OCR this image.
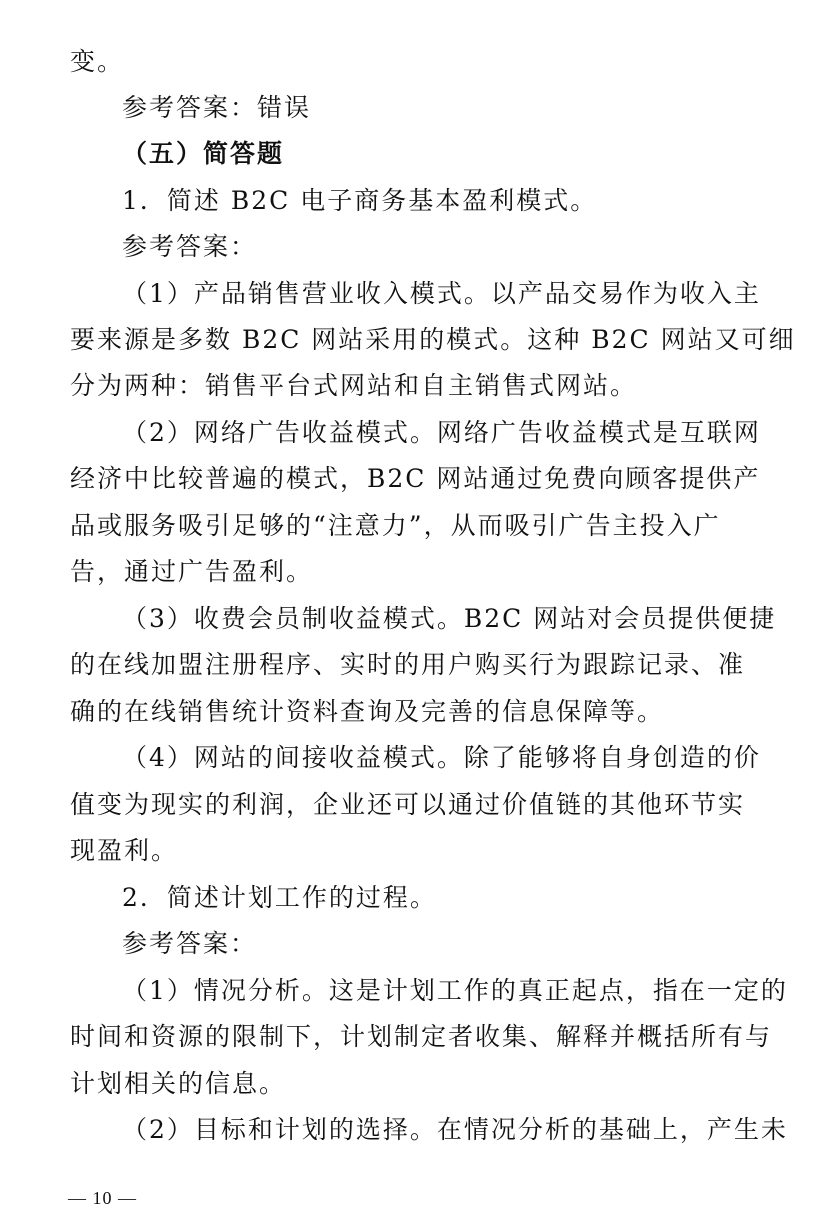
变。
参考答案：错误
（五）简答题
1．简述 B2C 电子商务基本盈利模式。
参考答案：
（1）产品销售营业收入模式。以产品交易作为收入主
要来源是多数 B2C 网站采用的模式。这种 B2C 网站又可细
分为两种：销售平台式网站和自主销售式网站。
（2）网络广告收益模式。网络广告收益模式是互联网
经济中比较普遍的模式，B2C 网站通过免费向顾客提供产
品或服务吸引足够的“注意力”，从而吸引广告主投入广
告，通过广告盈利。
（3）收费会员制收益模式。B2C 网站对会员提供便捷
的在线加盟注册程序、实时的用户购买行为跟踪记录、准
确的在线销售统计资料查询及完善的信息保障等。
（4）网站的间接收益模式。除了能够将自身创造的价
值变为现实的利润，企业还可以通过价值链的其他环节实
现盈利。
2．简述计划工作的过程。
参考答案：
（1）情况分析。这是计划工作的真正起点，指在一定的
时间和资源的限制下，计划制定者收集、解释并概括所有与
计划相关的信息。
（2）目标和计划的选择。在情况分析的基础上，产生未
— 10 —
